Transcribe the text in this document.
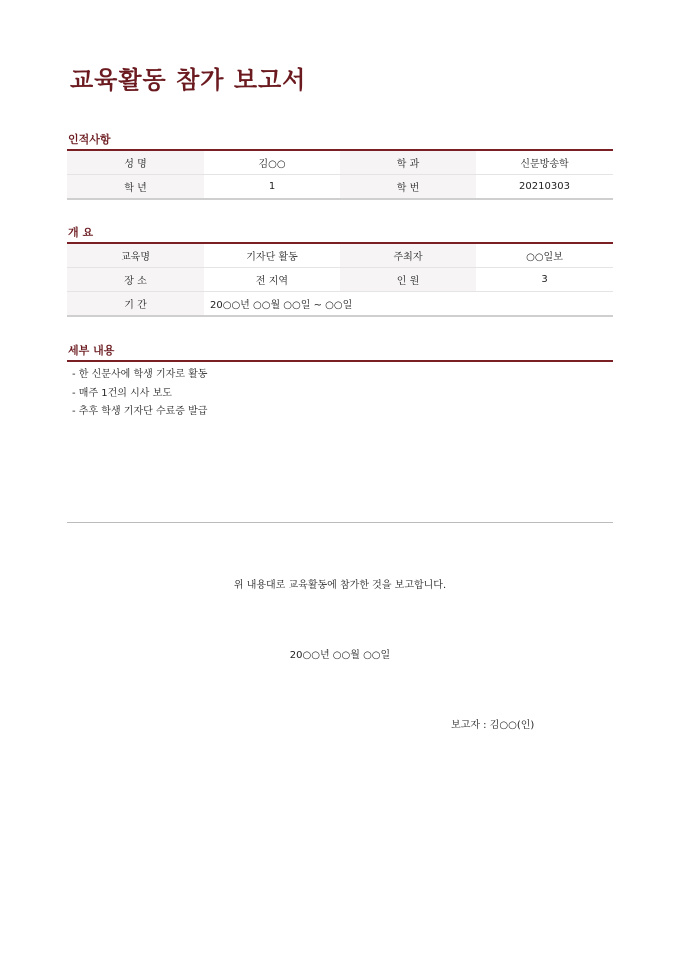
교육활동 참가 보고서
인적사항
성 명	김○○	학 과	신문방송학
학 년	1	학 번	20210303
개 요
교육명	기자단 활동	주최자	○○일보
장 소	전 지역	인 원	3
기 간	20○○년 ○○월 ○○일 ~ ○○일		
세부 내용
- 한 신문사에 학생 기자로 활동
- 매주 1건의 시사 보도
- 추후 학생 기자단 수료증 발급
위 내용대로 교육활동에 참가한 것을 보고합니다.
20○○년 ○○월 ○○일
보고자 : 김○○(인)
